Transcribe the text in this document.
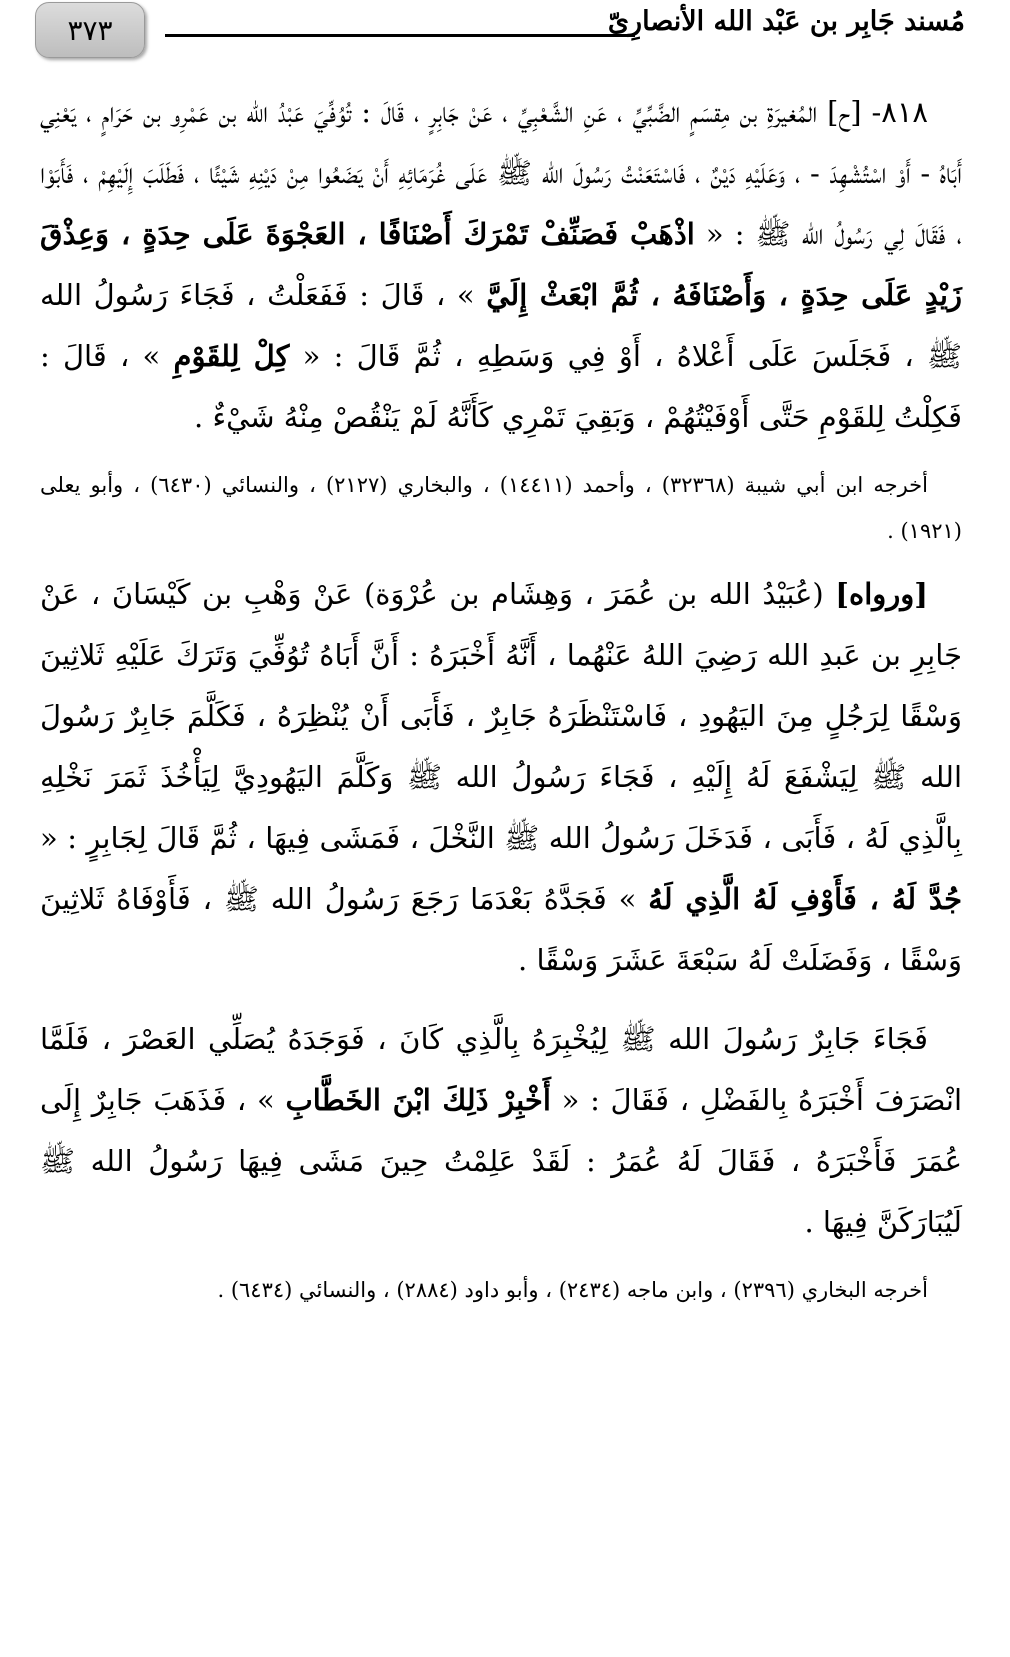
٣٧٣	مُسند جَابِر بن عَبْد الله الأنصارِيّ

٨١٨- [ح] المُغيرَةِ بن مِقسَمٍ الضَّبِّيِّ ، عَنِ الشَّعْبِيِّ ، عَنْ جَابِرٍ ، قَالَ : تُوُفِّيَ عَبْدُ الله بن عَمْرِو بن حَرَامٍ ، يَعْنِي أَبَاهُ - أَوْ اسْتُشْهِدَ - ، وَعَلَيْهِ دَيْنٌ ، فَاسْتَعَنْتُ رَسُولَ الله ﷺ عَلَى غُرَمَائِهِ أَنْ يَضَعُوا مِنْ دَيْنِهِ شَيْئًا ، فَطَلَبَ إِلَيْهِمْ ، فَأَبَوْا ، فَقَالَ لِي رَسُولُ الله ﷺ : « اذْهَبْ فَصَنِّفْ تَمْرَكَ أَصْنَافًا ، العَجْوَةَ عَلَى حِدَةٍ ، وَعِذْقَ زَيْدٍ عَلَى حِدَةٍ ، وَأَصْنَافَهُ ، ثُمَّ ابْعَثْ إِلَيَّ » ، قَالَ : فَفَعَلْتُ ، فَجَاءَ رَسُولُ الله ﷺ ، فَجَلَسَ عَلَى أَعْلاهُ ، أَوْ فِي وَسَطِهِ ، ثُمَّ قَالَ : « كِلْ لِلقَوْمِ » ، قَالَ : فَكِلْتُ لِلقَوْمِ حَتَّى أَوْفَيْتُهُمْ ، وَبَقِيَ تَمْرِي كَأَنَّهُ لَمْ يَنْقُصْ مِنْهُ شَيْءٌ .

أخرجه ابن أبي شيبة (٣٢٣٦٨) ، وأحمد (١٤٤١١) ، والبخاري (٢١٢٧) ، والنسائي (٦٤٣٠) ، وأبو يعلى (١٩٢١) .

[ورواه] (عُبَيْدُ الله بن عُمَرَ ، وَهِشَام بن عُرْوَة) عَنْ وَهْبِ بن كَيْسَانَ ، عَنْ جَابِرِ بن عَبدِ الله رَضِيَ اللهُ عَنْهُما ، أَنَّهُ أَخْبَرَهُ : أَنَّ أَبَاهُ تُوُفِّيَ وَتَرَكَ عَلَيْهِ ثَلاثِينَ وَسْقًا لِرَجُلٍ مِنَ اليَهُودِ ، فَاسْتَنْظَرَهُ جَابِرٌ ، فَأَبَى أَنْ يُنْظِرَهُ ، فَكَلَّمَ جَابِرٌ رَسُولَ الله ﷺ لِيَشْفَعَ لَهُ إِلَيْهِ ، فَجَاءَ رَسُولُ الله ﷺ وَكَلَّمَ اليَهُودِيَّ لِيَأْخُذَ ثَمَرَ نَخْلِهِ بِالَّذِي لَهُ ، فَأَبَى ، فَدَخَلَ رَسُولُ الله ﷺ النَّخْلَ ، فَمَشَى فِيهَا ، ثُمَّ قَالَ لِجَابِرٍ : « جُدَّ لَهُ ، فَأَوْفِ لَهُ الَّذِي لَهُ » فَجَدَّهُ بَعْدَمَا رَجَعَ رَسُولُ الله ﷺ ، فَأَوْفَاهُ ثَلاثِينَ وَسْقًا ، وَفَضَلَتْ لَهُ سَبْعَةَ عَشَرَ وَسْقًا .

فَجَاءَ جَابِرٌ رَسُولَ الله ﷺ لِيُخْبِرَهُ بِالَّذِي كَانَ ، فَوَجَدَهُ يُصَلِّي العَصْرَ ، فَلَمَّا انْصَرَفَ أَخْبَرَهُ بِالفَضْلِ ، فَقَالَ : « أَخْبِرْ ذَلِكَ ابْنَ الخَطَّابِ » ، فَذَهَبَ جَابِرٌ إِلَى عُمَرَ فَأَخْبَرَهُ ، فَقَالَ لَهُ عُمَرُ : لَقَدْ عَلِمْتُ حِينَ مَشَى فِيهَا رَسُولُ الله ﷺ لَيُبَارَكَنَّ فِيهَا .

أخرجه البخاري (٢٣٩٦) ، وابن ماجه (٢٤٣٤) ، وأبو داود (٢٨٨٤) ، والنسائي (٦٤٣٤) .
